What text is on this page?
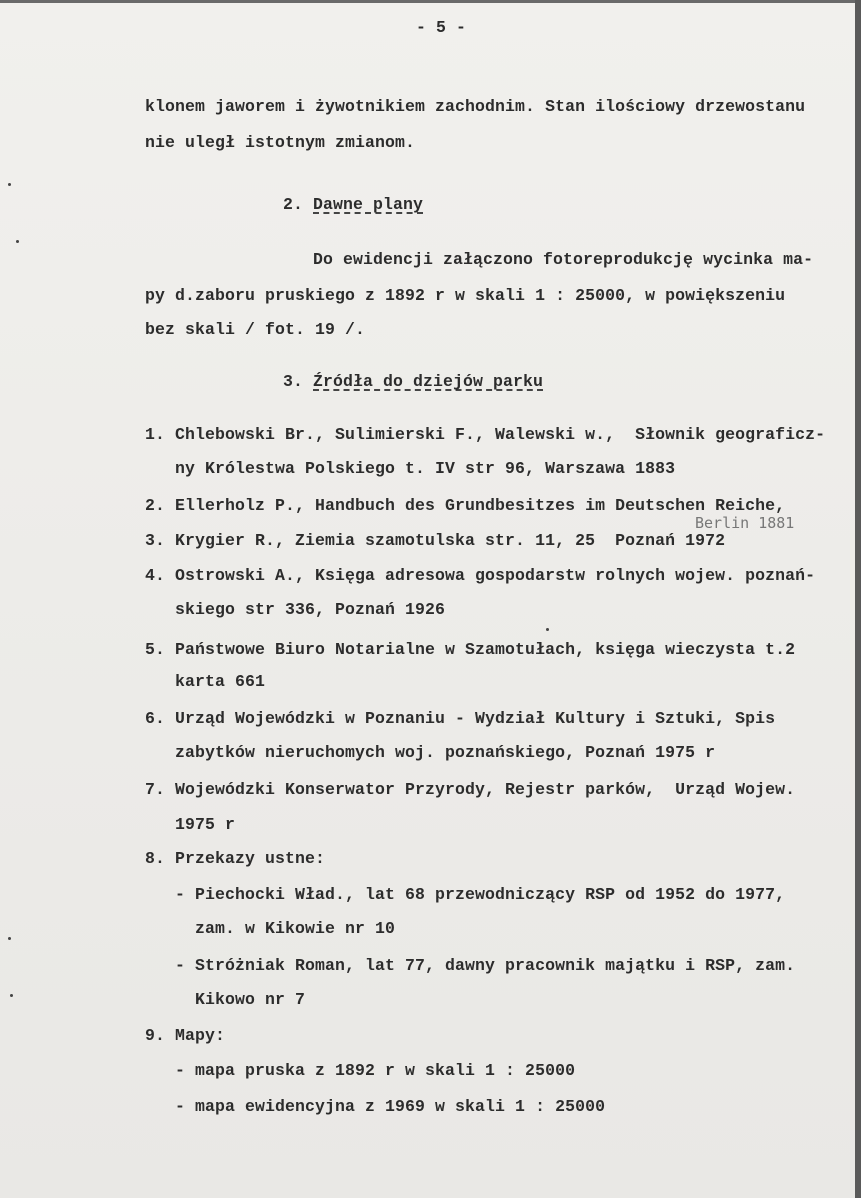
- 5 -
klonem jaworem i żywotnikiem zachodnim. Stan ilościowy drzewostanu
nie uległ istotnym zmianom.
2. Dawne plany
Do ewidencji załączono fotoreprodukcję wycinka ma-
py d.zaboru pruskiego z 1892 r w skali 1 : 25000, w powiększeniu
bez skali / fot. 19 /.
3. Źródła do dziejów parku
1. Chlebowski Br., Sulimierski F., Walewski w.,  Słownik geograficz-
ny Królestwa Polskiego t. IV str 96, Warszawa 1883
2. Ellerholz P., Handbuch des Grundbesitzes im Deutschen Reiche,
Berlin 1881
3. Krygier R., Ziemia szamotulska str. 11, 25  Poznań 1972
4. Ostrowski A., Księga adresowa gospodarstw rolnych wojew. poznań-
skiego str 336, Poznań 1926
5. Państwowe Biuro Notarialne w Szamotułach, księga wieczysta t.2
karta 661
6. Urząd Wojewódzki w Poznaniu - Wydział Kultury i Sztuki, Spis
zabytków nieruchomych woj. poznańskiego, Poznań 1975 r
7. Wojewódzki Konserwator Przyrody, Rejestr parków,  Urząd Wojew.
1975 r
8. Przekazy ustne:
- Piechocki Wład., lat 68 przewodniczący RSP od 1952 do 1977,
zam. w Kikowie nr 10
- Stróżniak Roman, lat 77, dawny pracownik majątku i RSP, zam.
Kikowo nr 7
9. Mapy:
- mapa pruska z 1892 r w skali 1 : 25000
- mapa ewidencyjna z 1969 w skali 1 : 25000
